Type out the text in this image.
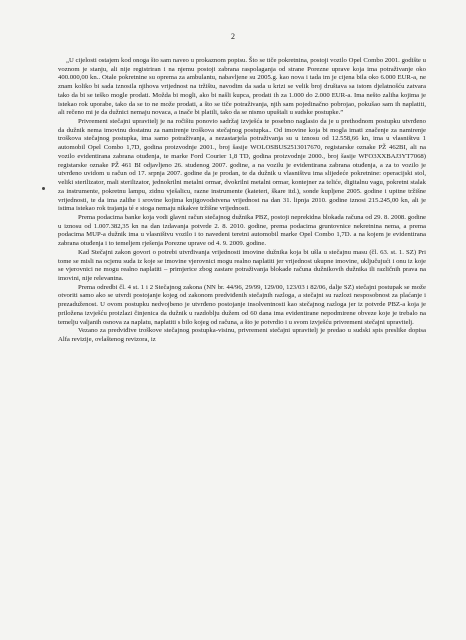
2

„U cijelosti ostajem kod onoga što sam naveo u prokaznom popisu. Što se tiče pokretnina, postoji vozilo Opel Combo 2001. godište u voznom je stanju, ali nije registriran i na njemu postoji zabrana raspolaganja od strane Porezne uprave koja ima potraživanje oko 400.000,00 kn.. Otale pokretnine su oprema za ambulantu, nabavljene su 2005.g. kao nova i tada im je cijena bila oko 6.000 EUR-a, ne znam koliko bi sada iznosila njihova vrijednost na tržištu, navodim da sada u krizi se velik broj društava sa istom djelatnošću zatvara tako da bi se teško mogle prodati. Možda bi mogli, ako bi našli kupca, prodati ih za 1.000 do 2.000 EUR-a. Ima nešto zaliha kojima je istekao rok uporabe, tako da se to ne može prodati, a što se tiče potraživanja, njih sam pojedinačno pobrojao, pokušao sam ih naplatiti, ali rečeno mi je da dužnici nemaju novaca, a inače bi platili, tako da se nismo upuštali u sudske postupke.”

Privremeni stečajni upravitelj je na ročištu ponovio sadržaj izvješća te posebno naglasio da je u prethodnom postupku utvrđeno da dužnik nema imovinu dostatnu za namirenje troškova stečajnog postupka.. Od imovine koja bi mogla imati značenje za namirenje troškova stečajnog postupka, ima samo potraživanja, a nezastarjela potraživanja su u iznosu od 12.558,66 kn, ima u vlasništvu 1 automobil Opel Combo 1,7D, godina proizvodnje 2001., broj šasije WOLOSBUS2513017670, registarske oznake PŽ 462BI, ali na vozilo evidentirana zabrana otuđenja, te marke Ford Courier 1,8 TD, godina proizvodnje 2000., broj šasije WFO3XXBAJ3YT7068) registarske oznake PŽ 461 BI odjavljeno 26. studenog 2007. godine, a na vozilu je evidentirana zabrana otuđenja, a za to vozilo je utvrđeno uvidom u račun od 17. srpnja 2007. godine da je prodan, te da dužnik u vlasništvu ima slijedeće pokretnine: operacijski stol, veliki sterilizator, mali sterilizator, jednokrilni metalni ormar, dvokrilni metalni ormar, kontejner za teliće, digitalnu vagu, pokretni stalak za instrumente, pokretnu lampu, zidnu vješalicu, razne instrumente (kateteri, škare itd.), sonde kupljene 2005. godine i upitne tržišne vrijednosti, te da ima zalihe i srovine kojima knjigovodstvena vrijednost na dan 31. lipnja 2010. godine iznosi 215.245,00 kn, ali je istima istekao rok trajanja té e stoga nemaju nikakve tržišne vrijednosti.

Prema podacima banke koja vodi glavni račun stečajnog dužnika PBZ, postoji neprekidna blokada računa od 29. 8. 2008. godine u iznosu od 1.007.382,35 kn na dan izdavanja potvrde 2. 8. 2010. godine, prema podacima gruntovnice nekretnina nema, a prema podacima MUP-a dužnik ima u vlasništvu vozilo i to navedeni teretni automobil marke Opel Combo 1,7D. a na kojem je evidentirana zabrana otuđenja i to temeljem rješenja Porezne uprave od 4. 9. 2009. godine.

Kad Stečajni zakon govori o potrebi utvrđivanja vrijednosti imovine dužnika koja bi ušla u stečajnu masu (čl. 63. st. 1. SZ) Pri tome se misli na ocjenu suda iz koje se imovine vjerovnici mogu realno naplatiti jer vrijednost ukupne imovine, uključujući i onu iz koje se vjerovnici ne mogu realno naplatiti – primjerice zbog zastare potraživanja blokade računa dužnikovih dužnika ili različnih prava na imovini, nije relevantna.

Prema odredbi čl. 4 st. 1 i 2 Stečajnog zakona (NN br. 44/96, 29/99, 129/00, 123/03 i 82/06, dalje SZ) stečajni postupak se može otvoriti samo ako se utvrdi postojanje kojeg od zakonom predviđenih stečajnih razloga, a stečajni su razlozi nesposobnost za plaćanje i prezaduženost. U ovom postupku nedvojbeno je utvrđeno postojanje insolventnosti kao stečajnog razloga jer iz potvrde PBZ-a koja je priložena izvješću proizlazi činjenica da dužnik u razdoblju dužem od 60 dana ima evidentirane nepodmirene obveze koje je trebalo na temelju valjanih osnova za naplatu, naplatiti s bilo kojeg od računa, a što je potvrdio i u svom izvješću privremeni stečajni upravitelj.

Vezano za predviđive troškove stečajnog postupka-visinu, privremeni stečajni upravitelj je predao u sudski spis preslike dopisa Alfa revizije, ovlaštenog revizora, iz
